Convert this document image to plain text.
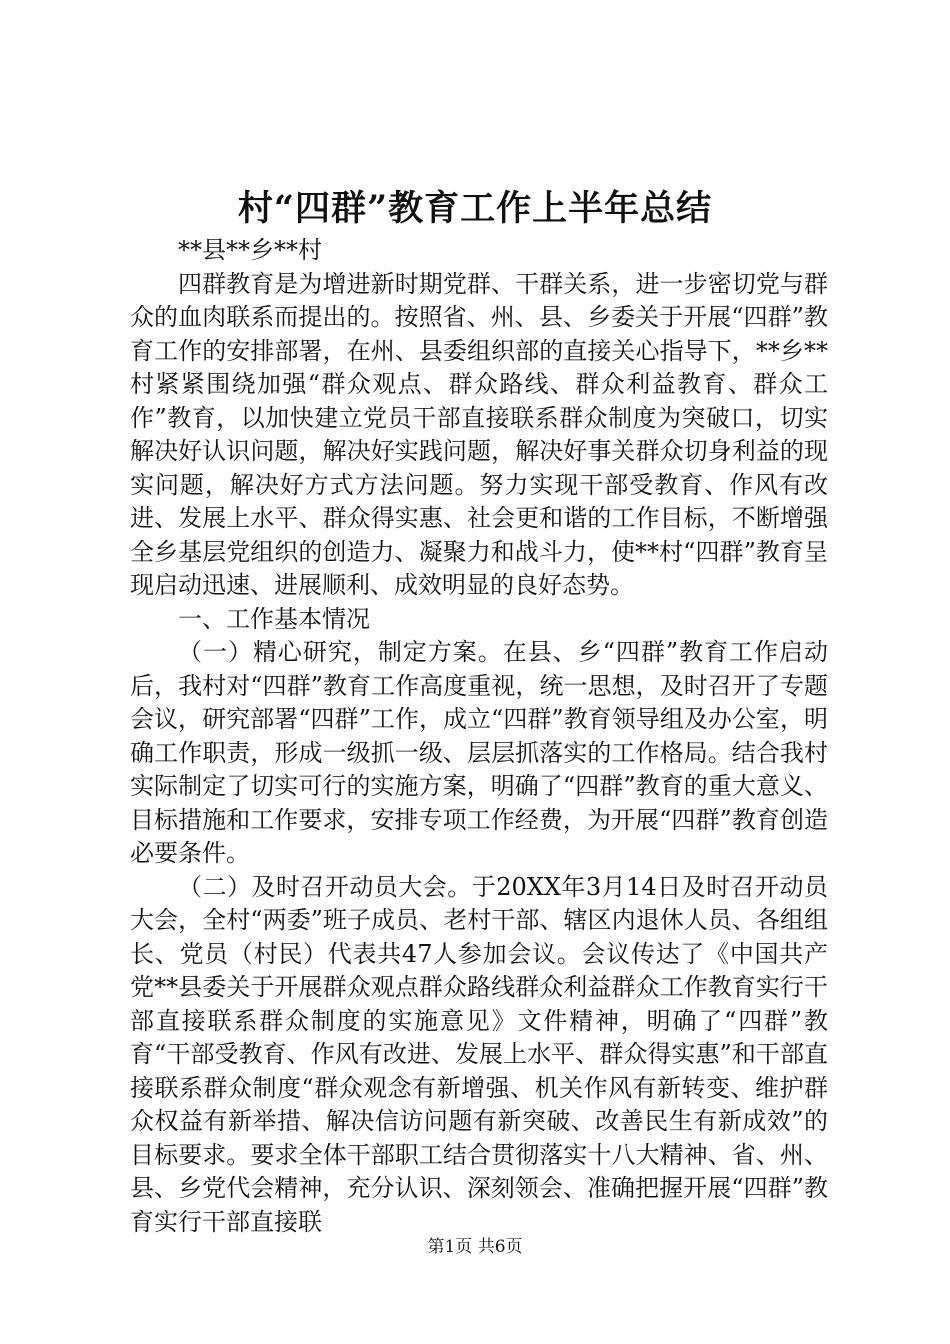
村“四群”教育工作上半年总结

**县**乡**村

四群教育是为增进新时期党群、干群关系，进一步密切党与群众的血肉联系而提出的。按照省、州、县、乡委关于开展“四群”教育工作的安排部署，在州、县委组织部的直接关心指导下，**乡**村紧紧围绕加强“群众观点、群众路线、群众利益教育、群众工作”教育，以加快建立党员干部直接联系群众制度为突破口，切实解决好认识问题，解决好实践问题，解决好事关群众切身利益的现实问题，解决好方式方法问题。努力实现干部受教育、作风有改进、发展上水平、群众得实惠、社会更和谐的工作目标，不断增强全乡基层党组织的创造力、凝聚力和战斗力，使**村“四群”教育呈现启动迅速、进展顺利、成效明显的良好态势。

一、工作基本情况

（一）精心研究，制定方案。在县、乡“四群”教育工作启动后，我村对“四群”教育工作高度重视，统一思想，及时召开了专题会议，研究部署“四群”工作，成立“四群”教育领导组及办公室，明确工作职责，形成一级抓一级、层层抓落实的工作格局。结合我村实际制定了切实可行的实施方案，明确了“四群”教育的重大意义、目标措施和工作要求，安排专项工作经费，为开展“四群”教育创造必要条件。

（二）及时召开动员大会。于20XX年3月14日及时召开动员大会，全村“两委”班子成员、老村干部、辖区内退休人员、各组组长、党员（村民）代表共47人参加会议。会议传达了《中国共产党**县委关于开展群众观点群众路线群众利益群众工作教育实行干部直接联系群众制度的实施意见》文件精神，明确了“四群”教育“干部受教育、作风有改进、发展上水平、群众得实惠”和干部直接联系群众制度“群众观念有新增强、机关作风有新转变、维护群众权益有新举措、解决信访问题有新突破、改善民生有新成效”的目标要求。要求全体干部职工结合贯彻落实十八大精神、省、州、县、乡党代会精神，充分认识、深刻领会、准确把握开展“四群”教育实行干部直接联

第1页 共6页
